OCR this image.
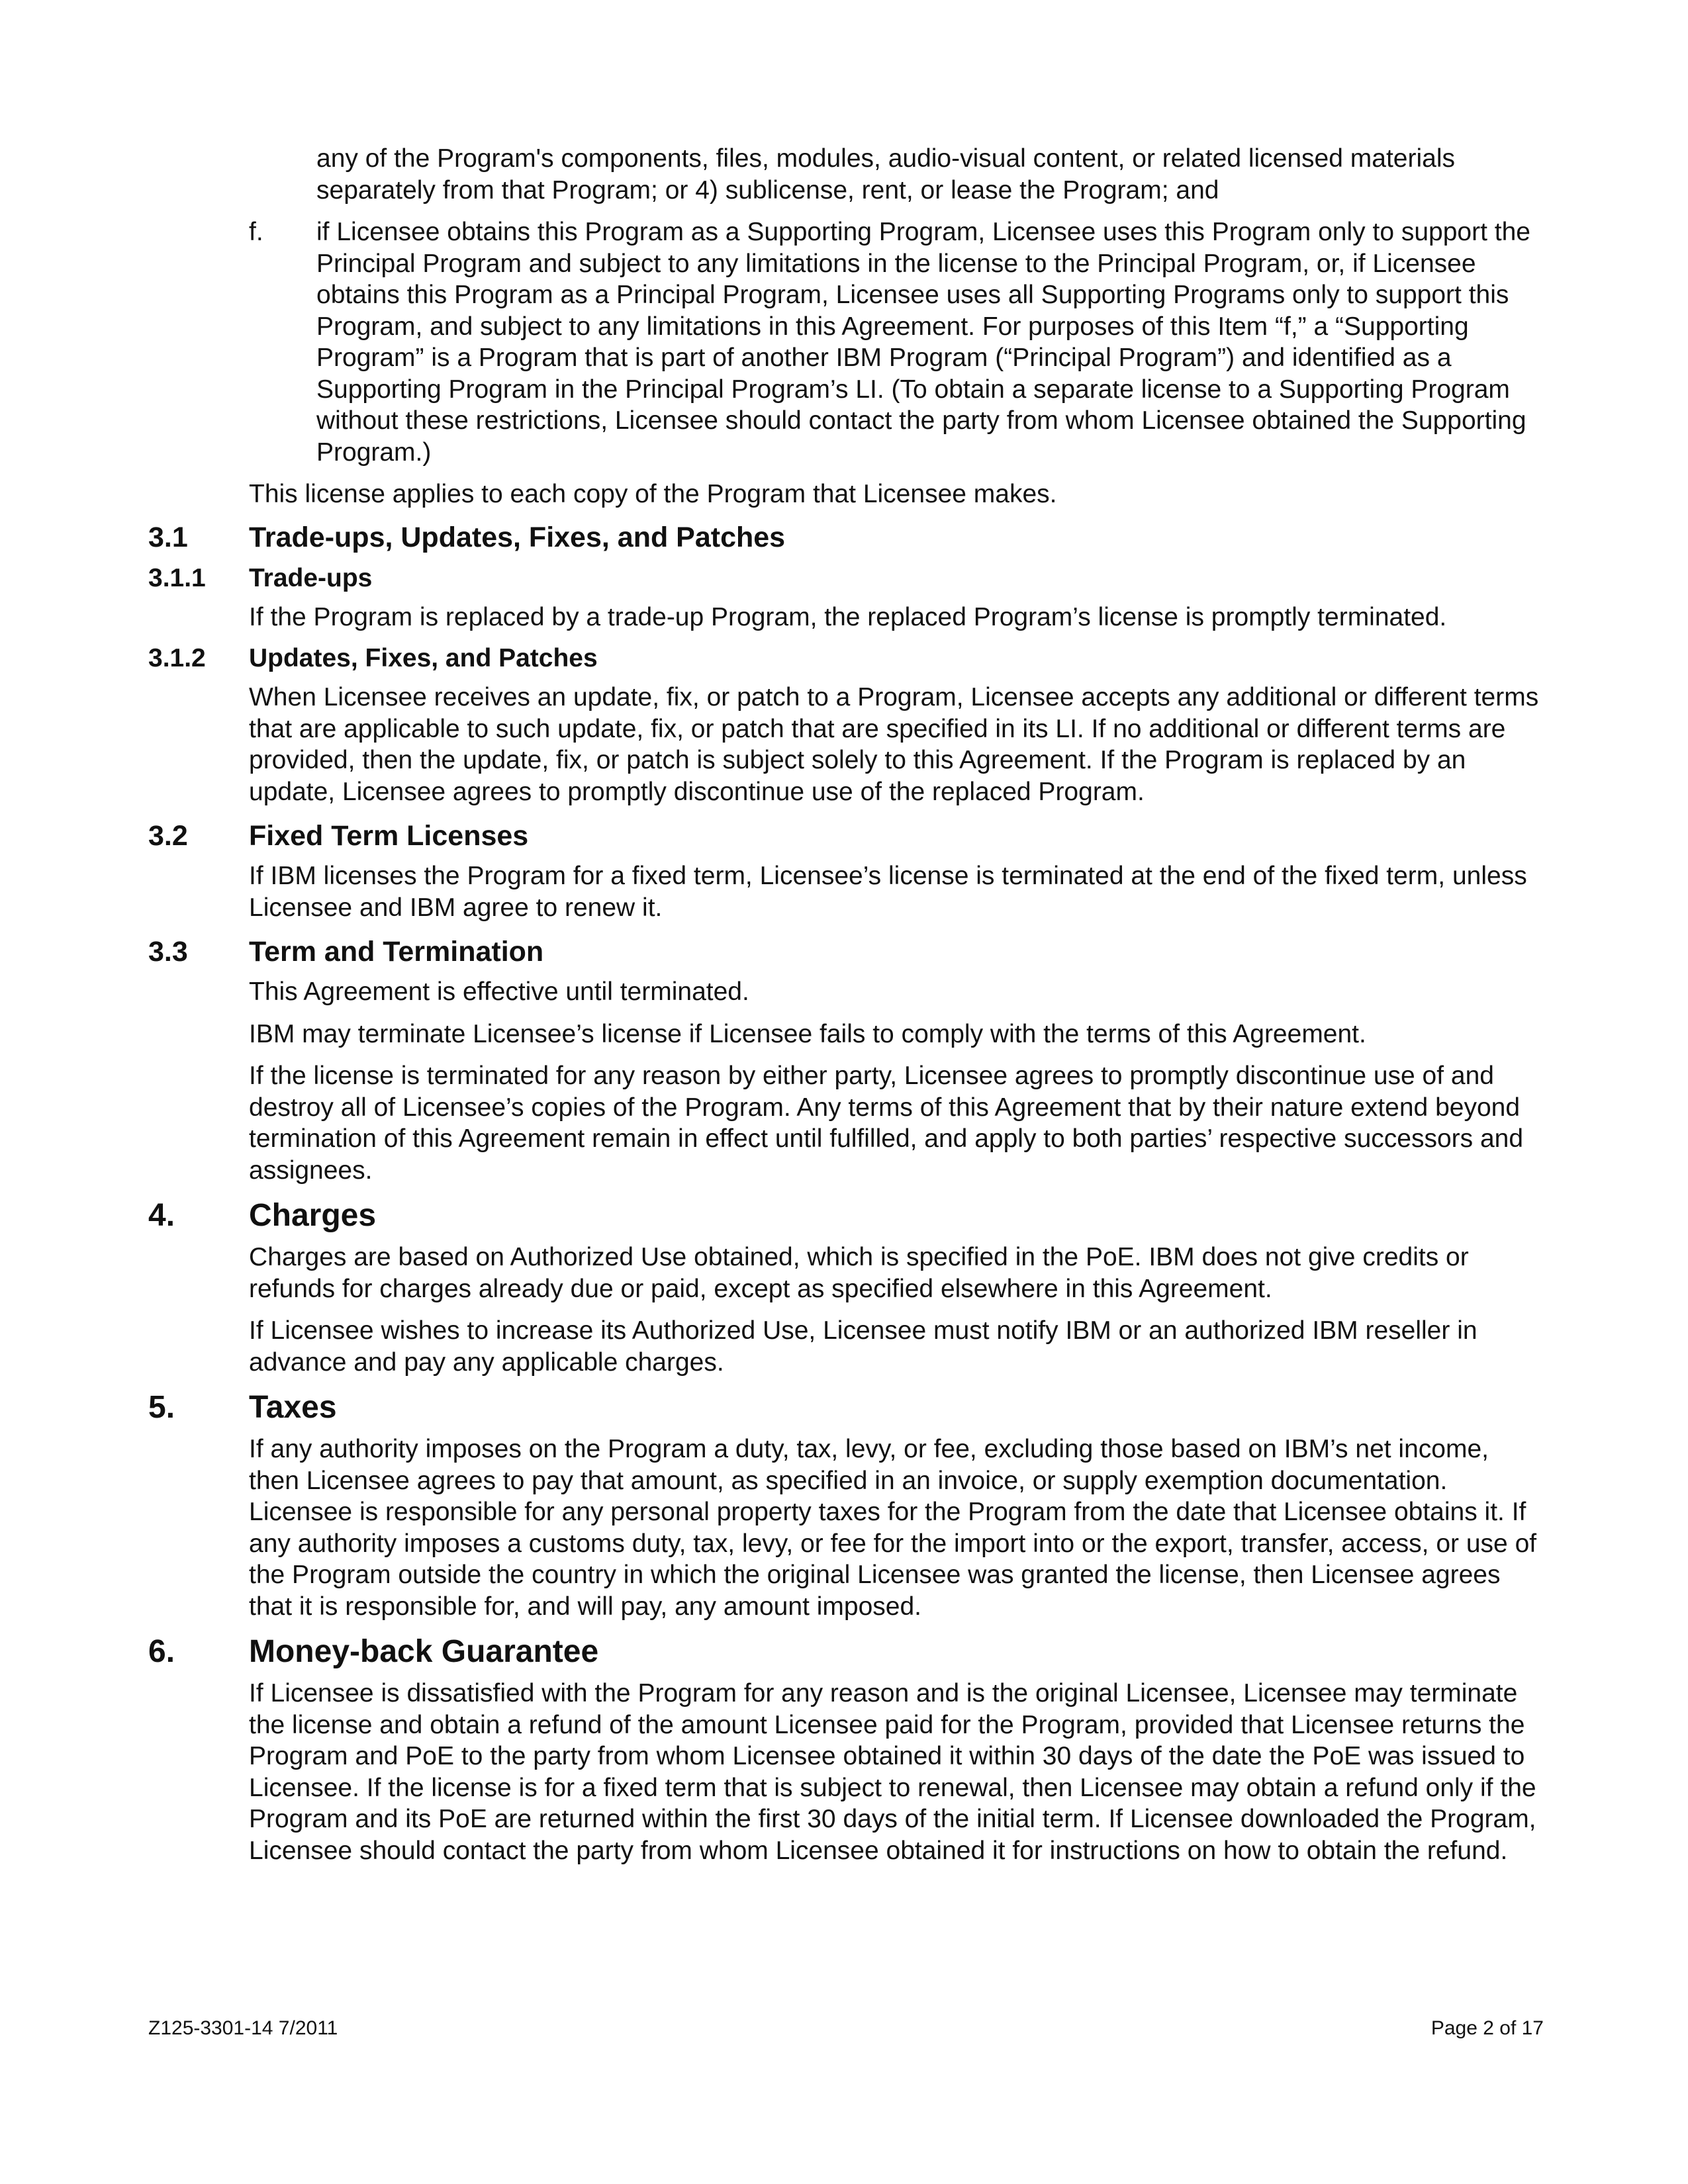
any of the Program's components, files, modules, audio-visual content, or related licensed materials separately from that Program; or 4) sublicense, rent, or lease the Program; and

f. if Licensee obtains this Program as a Supporting Program, Licensee uses this Program only to support the Principal Program and subject to any limitations in the license to the Principal Program, or, if Licensee obtains this Program as a Principal Program, Licensee uses all Supporting Programs only to support this Program, and subject to any limitations in this Agreement. For purposes of this Item “f,” a “Supporting Program” is a Program that is part of another IBM Program (“Principal Program”) and identified as a Supporting Program in the Principal Program’s LI. (To obtain a separate license to a Supporting Program without these restrictions, Licensee should contact the party from whom Licensee obtained the Supporting Program.)

This license applies to each copy of the Program that Licensee makes.

3.1 Trade-ups, Updates, Fixes, and Patches
3.1.1 Trade-ups

If the Program is replaced by a trade-up Program, the replaced Program’s license is promptly terminated.

3.1.2 Updates, Fixes, and Patches

When Licensee receives an update, fix, or patch to a Program, Licensee accepts any additional or different terms that are applicable to such update, fix, or patch that are specified in its LI. If no additional or different terms are provided, then the update, fix, or patch is subject solely to this Agreement. If the Program is replaced by an update, Licensee agrees to promptly discontinue use of the replaced Program.

3.2 Fixed Term Licenses

If IBM licenses the Program for a fixed term, Licensee’s license is terminated at the end of the fixed term, unless Licensee and IBM agree to renew it.

3.3 Term and Termination

This Agreement is effective until terminated.

IBM may terminate Licensee’s license if Licensee fails to comply with the terms of this Agreement.

If the license is terminated for any reason by either party, Licensee agrees to promptly discontinue use of and destroy all of Licensee’s copies of the Program. Any terms of this Agreement that by their nature extend beyond termination of this Agreement remain in effect until fulfilled, and apply to both parties’ respective successors and assignees.

4. Charges

Charges are based on Authorized Use obtained, which is specified in the PoE. IBM does not give credits or refunds for charges already due or paid, except as specified elsewhere in this Agreement.

If Licensee wishes to increase its Authorized Use, Licensee must notify IBM or an authorized IBM reseller in advance and pay any applicable charges.

5. Taxes

If any authority imposes on the Program a duty, tax, levy, or fee, excluding those based on IBM’s net income, then Licensee agrees to pay that amount, as specified in an invoice, or supply exemption documentation. Licensee is responsible for any personal property taxes for the Program from the date that Licensee obtains it. If any authority imposes a customs duty, tax, levy, or fee for the import into or the export, transfer, access, or use of the Program outside the country in which the original Licensee was granted the license, then Licensee agrees that it is responsible for, and will pay, any amount imposed.

6. Money-back Guarantee

If Licensee is dissatisfied with the Program for any reason and is the original Licensee, Licensee may terminate the license and obtain a refund of the amount Licensee paid for the Program, provided that Licensee returns the Program and PoE to the party from whom Licensee obtained it within 30 days of the date the PoE was issued to Licensee. If the license is for a fixed term that is subject to renewal, then Licensee may obtain a refund only if the Program and its PoE are returned within the first 30 days of the initial term. If Licensee downloaded the Program, Licensee should contact the party from whom Licensee obtained it for instructions on how to obtain the refund.

Z125-3301-14 7/2011	Page 2 of 17
